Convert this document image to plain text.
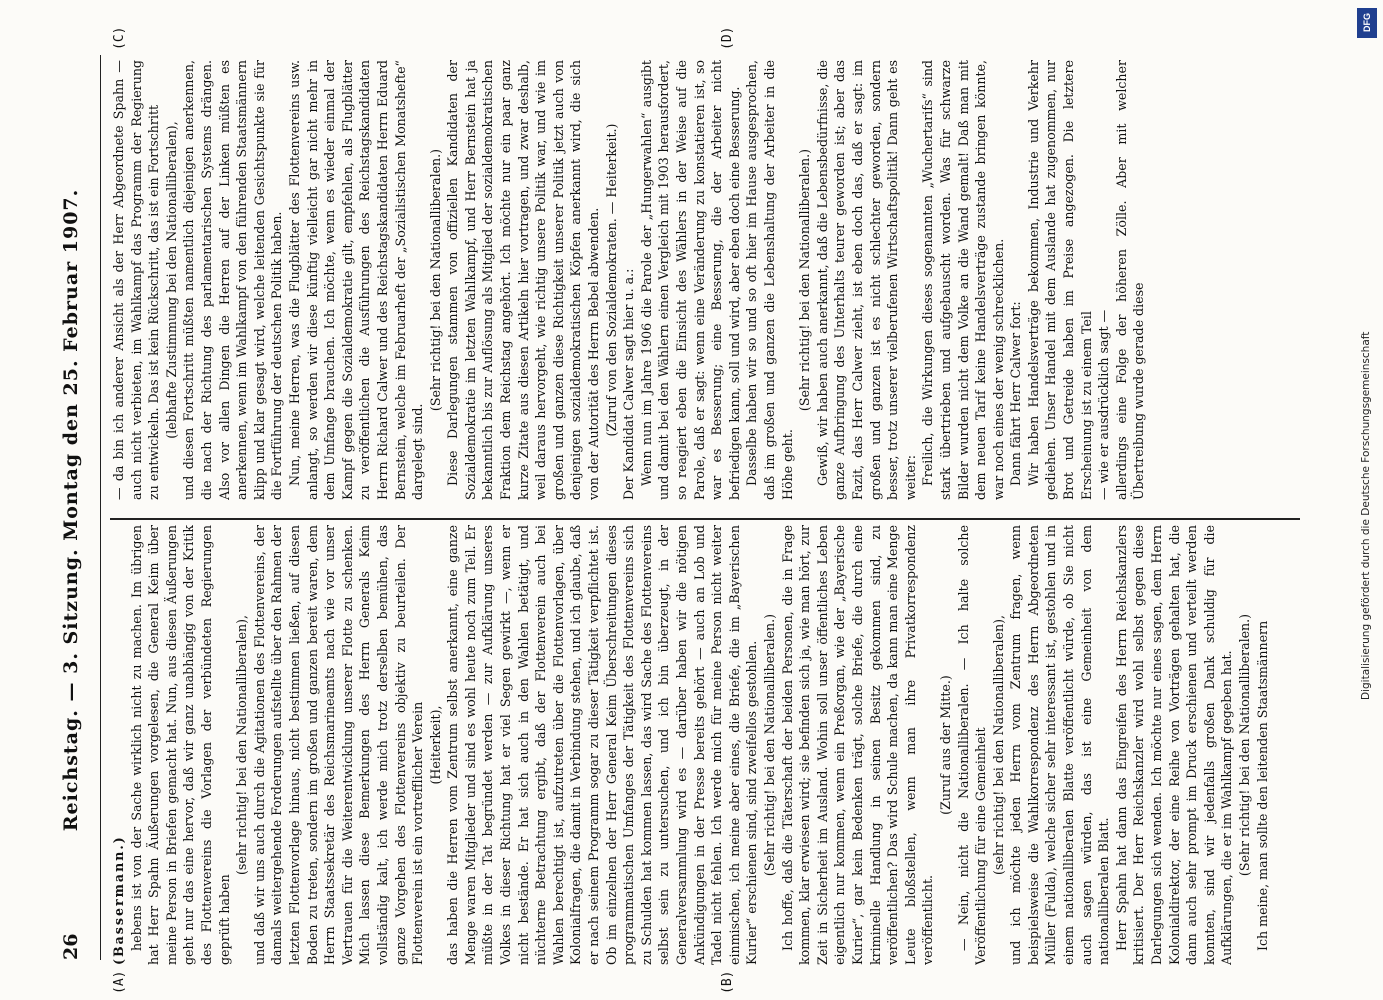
26
Reichstag. — 3. Sitzung. Montag den 25. Februar 1907.
(A)	(B)
(C)	(D)

(Bassermann.) hebens ist von der Sache wirklich nicht zu machen. Im übrigen hat Herr Spahn Äußerungen vorgelesen, die General Keim über meine Person in Briefen gemacht hat. Nun, aus diesen Äußerungen geht nur das eine hervor, daß wir ganz unabhängig von der Kritik des Flottenvereins die Vorlagen der verbündeten Regierungen geprüft haben

(sehr richtig! bei den Nationalliberalen), und daß wir uns auch durch die Agitationen des Flottenvereins, der damals weitergehende Forderungen aufstellte über den Rahmen der letzten Flottenvorlage hinaus, nicht bestimmen ließen, auf diesen Boden zu treten, sondern im großen und ganzen bereit waren, dem Herrn Staatssekretär des Reichsmarineamts nach wie vor unser Vertrauen für die Weiterentwicklung unserer Flotte zu schenken. Mich lassen diese Bemerkungen des Herrn Generals Keim vollständig kalt, ich werde mich trotz derselben bemühen, das ganze Vorgehen des Flottenvereins objektiv zu beurteilen. Der Flottenverein ist ein vortrefflicher Verein (Heiterkeit), das haben die Herren vom Zentrum selbst anerkannt, eine ganze Menge waren Mitglieder und sind es wohl heute noch zum Teil. Er müßte in der Tat begründet werden — zur Aufklärung unseres Volkes in dieser Richtung hat er viel Segen gewirkt —, wenn er nicht bestände. Er hat sich auch in den Wahlen betätigt, und nüchterne Betrachtung ergibt, daß der Flottenverein auch bei Wahlen berechtigt ist, aufzutreten über die Flottenvorlagen, über Kolonialfragen, die damit in Verbindung stehen, und ich glaube, daß er nach seinem Programm sogar zu dieser Tätigkeit verpflichtet ist. Ob im einzelnen der Herr General Keim Überschreitungen dieses programmatischen Umfanges der Tätigkeit des Flottenvereins sich zu Schulden hat kommen lassen, das wird Sache des Flottenvereins selbst sein zu untersuchen, und ich bin überzeugt, in der Generalversammlung wird es — darüber haben wir die nötigen Ankündigungen in der Presse bereits gehört — auch an Lob und Tadel nicht fehlen. Ich werde mich für meine Person nicht weiter einmischen, ich meine aber eines, die Briefe, die im „Bayerischen Kurier“ erschienen sind, sind zweifellos gestohlen. (Sehr richtig! bei den Nationalliberalen.) Ich hoffe, daß die Täterschaft der beiden Personen, die in Frage kommen, klar erwiesen wird; sie befinden sich ja, wie man hört, zur Zeit in Sicherheit im Ausland. Wohin soll unser öffentliches Leben eigentlich nur kommen, wenn ein Preßorgan, wie der „Bayerische Kurier“, gar kein Bedenken trägt, solche Briefe, die durch eine kriminelle Handlung in seinen Besitz gekommen sind, zu veröffentlichen? Das wird Schule machen, da kann man eine Menge Leute bloßstellen, wenn man ihre Privatkorrespondenz veröffentlicht.

(Zuruf aus der Mitte.) — Nein, nicht die Nationalliberalen. — Ich halte solche Veröffentlichung für eine Gemeinheit (sehr richtig! bei den Nationalliberalen), und ich möchte jeden Herrn vom Zentrum fragen, wenn beispielsweise die Wahlkorrespondenz des Herrn Abgeordneten Müller (Fulda), welche sicher sehr interessant ist, gestohlen und in einem nationalliberalen Blatte veröffentlicht würde, ob Sie nicht auch sagen würden, das ist eine Gemeinheit von dem nationalliberalen Blatt. Herr Spahn hat dann das Eingreifen des Herrn Reichskanzlers kritisiert. Der Herr Reichskanzler wird wohl selbst gegen diese Darlegungen sich wenden. Ich möchte nur eines sagen, dem Herrn Kolonialdirektor, der eine Reihe von Vorträgen gehalten hat, die dann auch sehr prompt im Druck erschienen und verteilt werden konnten, sind wir jedenfalls großen Dank schuldig für die Aufklärungen, die er im Wahlkampf gegeben hat. (Sehr richtig! bei den Nationalliberalen.) Ich meine, man sollte den leitenden Staatsmännern

— da bin ich anderer Ansicht als der Herr Abgeordnete Spahn — auch nicht verbieten, im Wahlkampf das Programm der Regierung zu entwickeln. Das ist kein Rückschritt, das ist ein Fortschritt (lebhafte Zustimmung bei den Nationalliberalen), und diesen Fortschritt müßten namentlich diejenigen anerkennen, die nach der Richtung des parlamentarischen Systems drängen. Also vor allen Dingen die Herren auf der Linken müßten es anerkennen, wenn im Wahlkampf von den führenden Staatsmännern klipp und klar gesagt wird, welche leitenden Gesichtspunkte sie für die Fortführung der deutschen Politik haben. Nun, meine Herren, was die Flugblätter des Flottenvereins usw. anlangt, so werden wir diese künftig vielleicht gar nicht mehr in dem Umfange brauchen. Ich möchte, wenn es wieder einmal der Kampf gegen die Sozialdemokratie gilt, empfehlen, als Flugblätter zu veröffentlichen die Ausführungen des Reichstagskandidaten Herrn Richard Calwer und des Reichstagskandidaten Herrn Eduard Bernstein, welche im Februarheft der „Sozialistischen Monatshefte“ dargelegt sind.

(Sehr richtig! bei den Nationalliberalen.) Diese Darlegungen stammen von offiziellen Kandidaten der Sozialdemokratie im letzten Wahlkampf, und Herr Bernstein hat ja bekanntlich bis zur Auflösung als Mitglied der sozialdemokratischen Fraktion dem Reichstag angehört. Ich möchte nur ein paar ganz kurze Zitate aus diesen Artikeln hier vortragen, und zwar deshalb, weil daraus hervorgeht, wie richtig unsere Politik war, und wie im großen und ganzen diese Richtigkeit unserer Politik jetzt auch von denjenigen sozialdemokratischen Köpfen anerkannt wird, die sich von der Autorität des Herrn Bebel abwenden. (Zuruf von den Sozialdemokraten. — Heiterkeit.) Der Kandidat Calwer sagt hier u. a.: Wenn nun im Jahre 1906 die Parole der „Hungerwahlen“ ausgibt und damit bei den Wählern einen Vergleich mit 1903 herausfordert, so reagiert eben die Einsicht des Wählers in der Weise auf die Parole, daß er sagt: wenn eine Veränderung zu konstatieren ist, so war es Besserung; eine Besserung, die der Arbeiter nicht befriedigen kann, soll und wird, aber eben doch eine Besserung. Dasselbe haben wir so und so oft hier im Hause ausgesprochen, daß im großen und ganzen die Lebenshaltung der Arbeiter in die Höhe geht.

(Sehr richtig! bei den Nationalliberalen.) Gewiß, wir haben auch anerkannt, daß die Lebensbedürfnisse, die ganze Aufbringung des Unterhalts teurer geworden ist; aber das Fazit, das Herr Calwer zieht, ist eben doch das, daß er sagt: im großen und ganzen ist es nicht schlechter geworden, sondern besser, trotz unserer vielberufenen Wirtschaftspolitik! Dann geht es weiter: Freilich, die Wirkungen dieses sogenannten „Wuchertarifs“ sind stark übertrieben und aufgebauscht worden. Was für schwarze Bilder wurden nicht dem Volke an die Wand gemalt! Daß man mit dem neuen Tarif keine Handelsverträge zustande bringen könnte, war noch eines der wenig schrecklichen. Dann fährt Herr Calwer fort: Wir haben Handelsverträge bekommen, Industrie und Verkehr gediehen. Unser Handel mit dem Auslande hat zugenommen, nur Brot und Getreide haben im Preise angezogen. Die letztere Erscheinung ist zu einem Teil — wie er ausdrücklich sagt — allerdings eine Folge der höheren Zölle. Aber mit welcher Übertreibung wurde gerade diese

DFG
Digitalisierung gefördert durch die Deutsche Forschungsgemeinschaft
